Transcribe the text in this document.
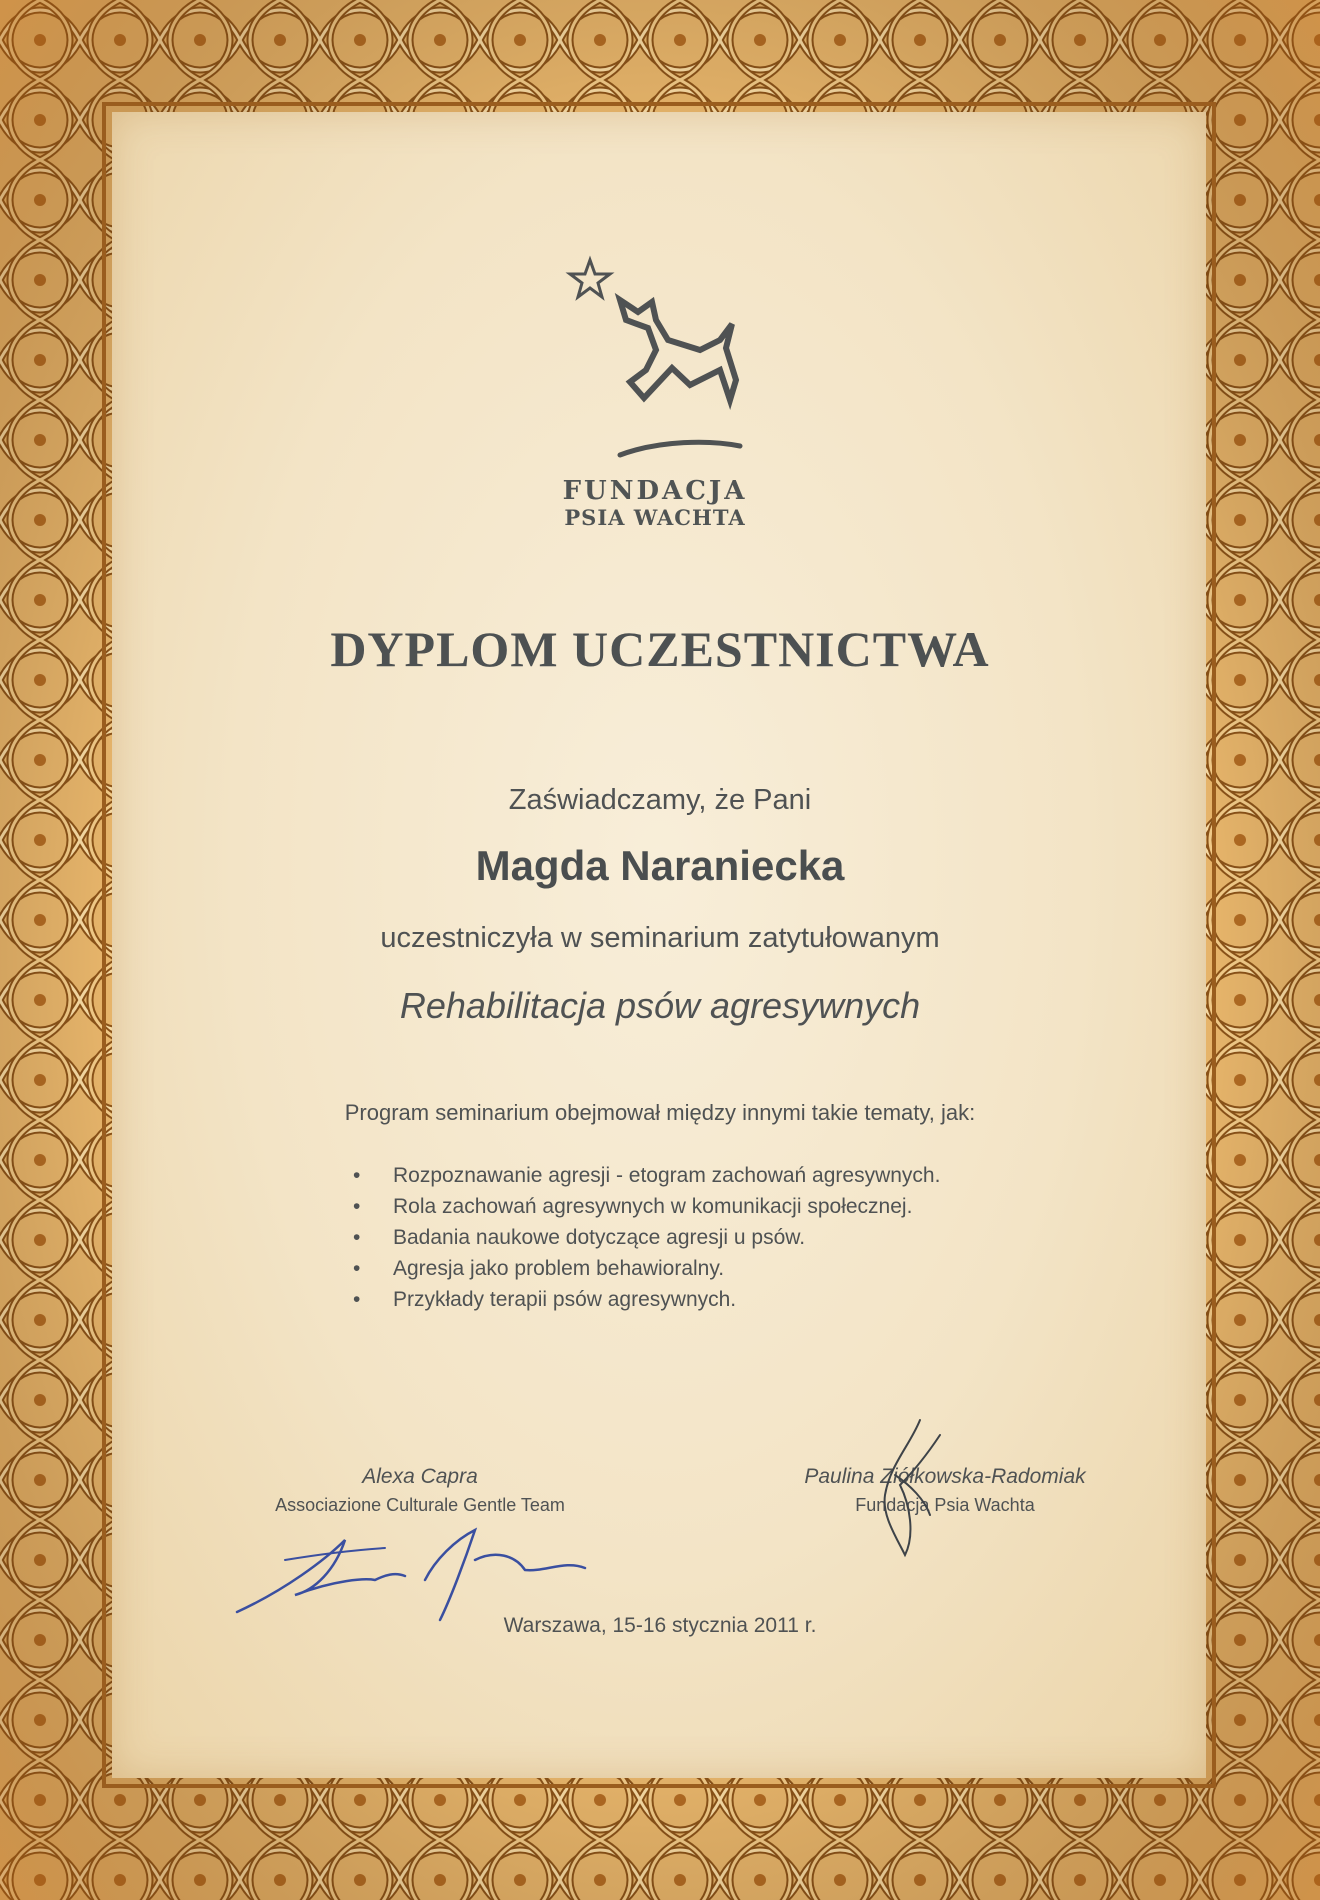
FUNDACJA
PSIA WACHTA
DYPLOM UCZESTNICTWA
Zaświadczamy, że Pani
Magda Naraniecka
uczestniczyła w seminarium zatytułowanym
Rehabilitacja psów agresywnych
Program seminarium obejmował między innymi takie tematy, jak:
• Rozpoznawanie agresji - etogram zachowań agresywnych.
• Rola zachowań agresywnych w komunikacji społecznej.
• Badania naukowe dotyczące agresji u psów.
• Agresja jako problem behawioralny.
• Przykłady terapii psów agresywnych.
Alexa Capra
Associazione Culturale Gentle Team
Paulina Ziółkowska-Radomiak
Fundacja Psia Wachta
Warszawa, 15-16 stycznia 2011 r.
